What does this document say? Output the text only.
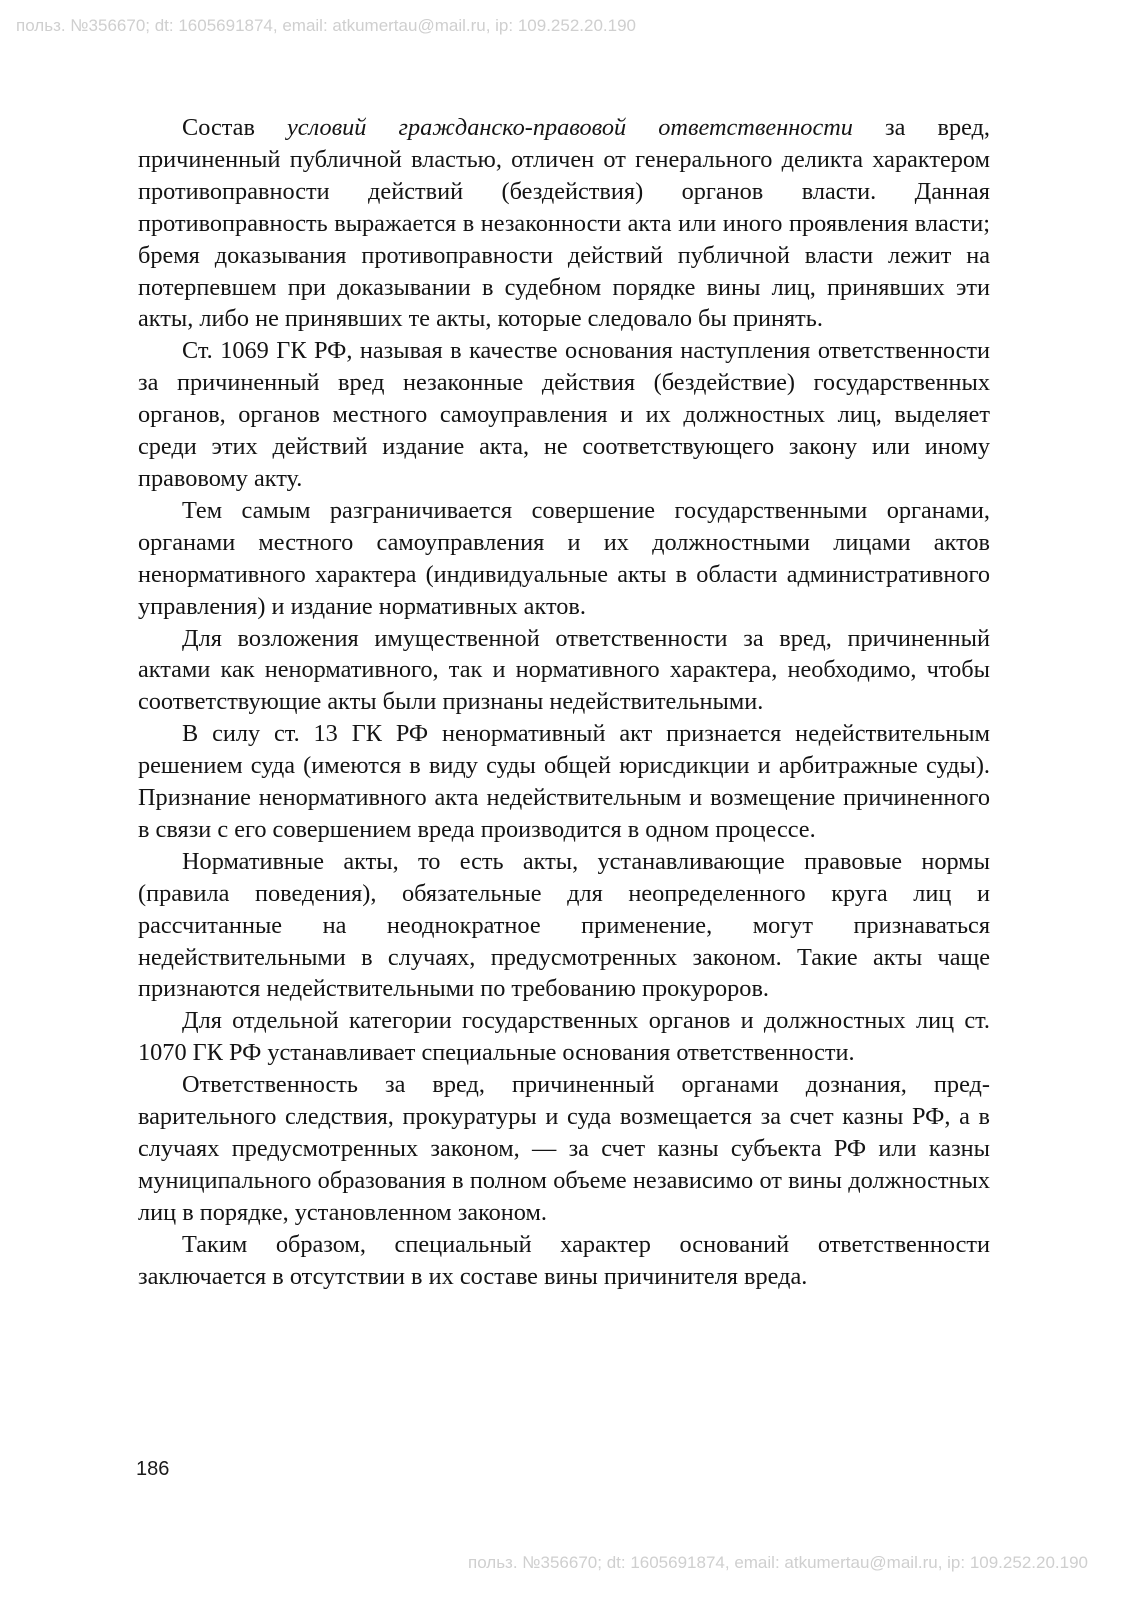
польз. №356670; dt: 1605691874, email: atkumertau@mail.ru, ip: 109.252.20.190

Состав условий гражданско-правовой ответственности за вред, причиненный публичной властью, отличен от генерального деликта характером противоправности действий (бездействия) органов власти. Данная противоправность выражается в незаконности акта или иного проявления власти; бремя доказывания противоправности действий публичной власти лежит на потерпевшем при доказывании в судебном порядке вины лиц, принявших эти акты, либо не принявших те акты, которые следовало бы принять.

Ст. 1069 ГК РФ, называя в качестве основания наступления ответственности за причиненный вред незаконные действия (бездействие) государственных органов, органов местного самоуправления и их должностных лиц, выделяет среди этих действий издание акта, не соответствующего закону или иному правовому акту.

Тем самым разграничивается совершение государственными органами, органами местного самоуправления и их должностными лицами актов ненормативного характера (индивидуальные акты в области административного управления) и издание нормативных актов.

Для возложения имущественной ответственности за вред, причиненный актами как ненормативного, так и нормативного характера, необходимо, чтобы соответствующие акты были признаны недействительными.

В силу ст. 13 ГК РФ ненормативный акт признается недействительным решением суда (имеются в виду суды общей юрисдикции и арбитражные суды). Признание ненормативного акта недействительным и возмещение причиненного в связи с его совершением вреда производится в одном процессе.

Нормативные акты, то есть акты, устанавливающие правовые нормы (правила поведения), обязательные для неопределенного круга лиц и рассчитанные на неоднократное применение, могут признаваться недействительными в случаях, предусмотренных законом. Такие акты чаще признаются недействительными по требованию прокуроров.

Для отдельной категории государственных органов и должностных лиц ст. 1070 ГК РФ устанавливает специальные основания ответственности.

Ответственность за вред, причиненный органами дознания, предварительного следствия, прокуратуры и суда возмещается за счет казны РФ, а в случаях предусмотренных законом, — за счет казны субъекта РФ или казны муниципального образования в полном объеме независимо от вины должностных лиц в порядке, установленном законом.

Таким образом, специальный характер оснований ответственности заключается в отсутствии в их составе вины причинителя вреда.

186
польз. №356670; dt: 1605691874, email: atkumertau@mail.ru, ip: 109.252.20.190
